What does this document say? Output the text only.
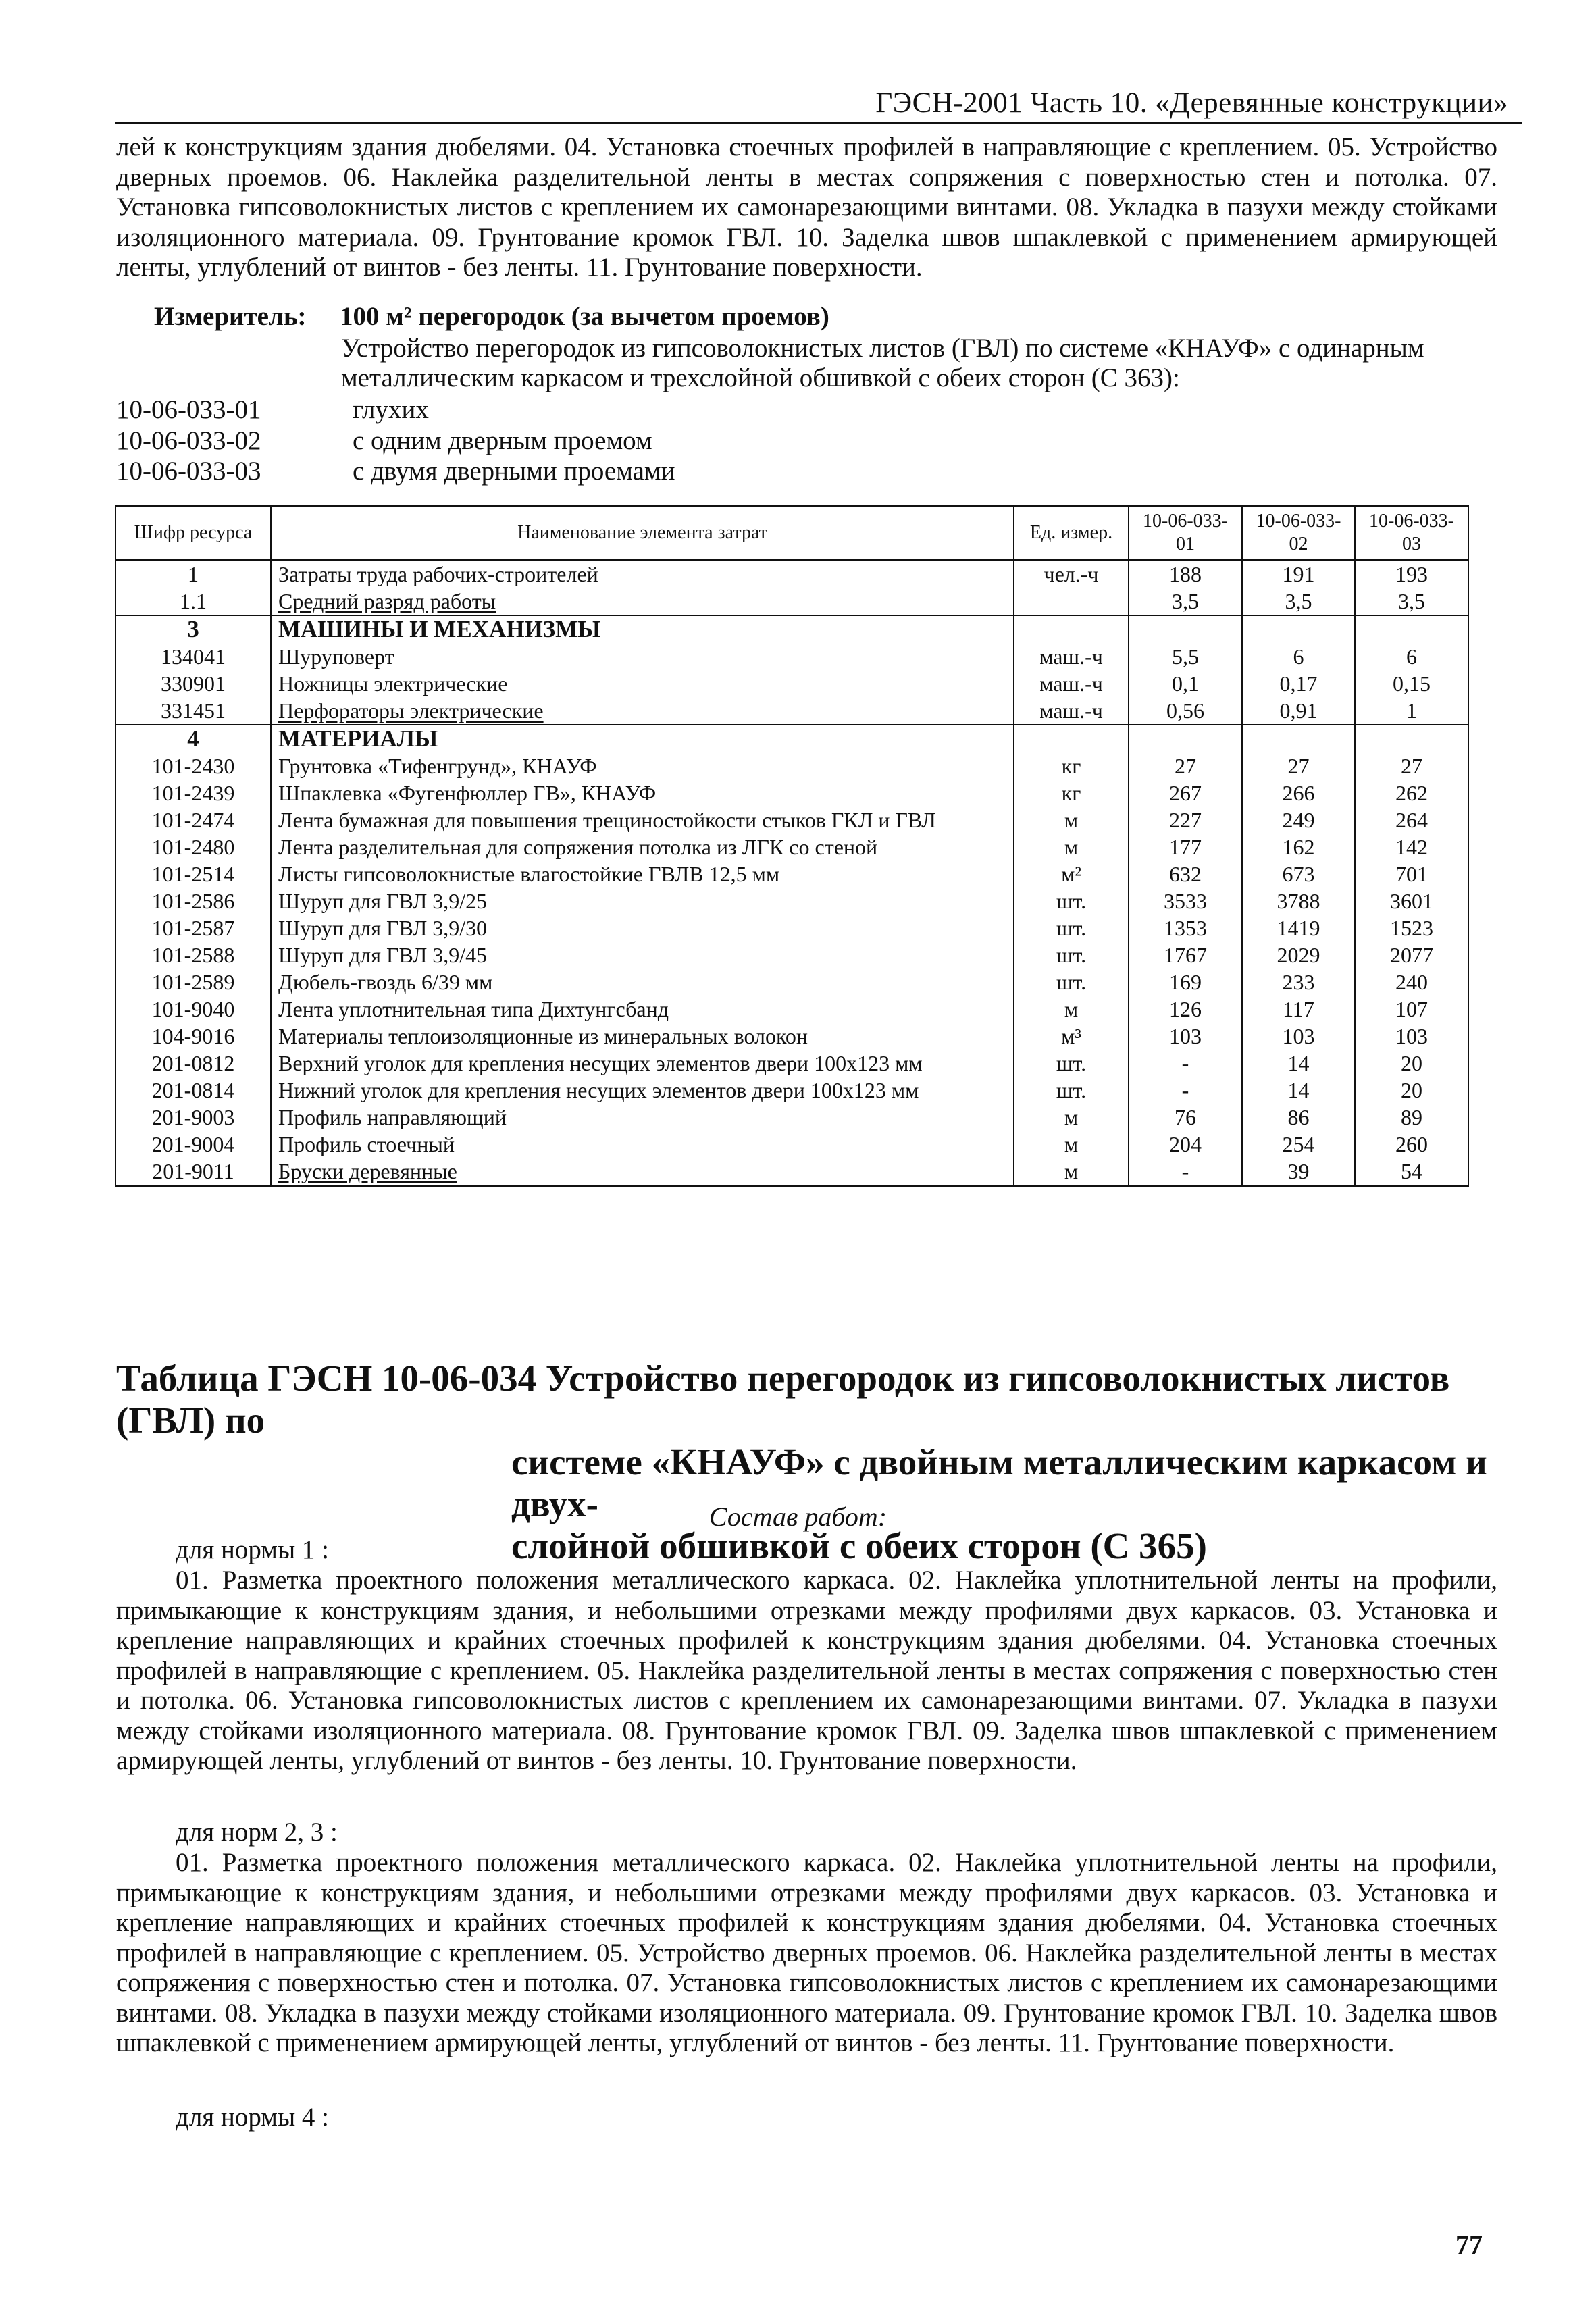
ГЭСН-2001 Часть 10. «Деревянные конструкции»
лей к конструкциям здания дюбелями. 04. Установка стоечных профилей в направляющие с креплением. 05. Устройство дверных проемов. 06. Наклейка разделительной ленты в местах сопряжения с поверхностью стен и потолка. 07. Установка гипсоволокнистых листов с креплением их самонарезающими винтами. 08. Укладка в пазухи между стойками изоляционного материала. 09. Грунтование кромок ГВЛ. 10. Заделка швов шпаклевкой с применением армирующей ленты, углублений от винтов - без ленты. 11. Грунтование поверхности.
Измеритель: 100 м² перегородок (за вычетом проемов)
Устройство перегородок из гипсоволокнистых листов (ГВЛ) по системе «КНАУФ» с одинарным металлическим каркасом и трехслойной обшивкой с обеих сторон (С 363):
10-06-033-01	глухих
10-06-033-02	с одним дверным проемом
10-06-033-03	с двумя дверными проемами
Шифр ресурса	Наименование элемента затрат	Ед. измер.	10-06-033-01	10-06-033-02	10-06-033-03
1	Затраты труда рабочих-строителей	чел.-ч	188	191	193
1.1	Средний разряд работы		3,5	3,5	3,5
3	МАШИНЫ И МЕХАНИЗМЫ				
134041	Шуруповерт	маш.-ч	5,5	6	6
330901	Ножницы электрические	маш.-ч	0,1	0,17	0,15
331451	Перфораторы электрические	маш.-ч	0,56	0,91	1
4	МАТЕРИАЛЫ				
101-2430	Грунтовка «Тифенгрунд», КНАУФ	кг	27	27	27
101-2439	Шпаклевка «Фугенфюллер ГВ», КНАУФ	кг	267	266	262
101-2474	Лента бумажная для повышения трещиностойкости стыков ГКЛ и ГВЛ	м	227	249	264
101-2480	Лента разделительная для сопряжения потолка из ЛГК со стеной	м	177	162	142
101-2514	Листы гипсоволокнистые влагостойкие ГВЛВ 12,5 мм	м²	632	673	701
101-2586	Шуруп для ГВЛ 3,9/25	шт.	3533	3788	3601
101-2587	Шуруп для ГВЛ 3,9/30	шт.	1353	1419	1523
101-2588	Шуруп для ГВЛ 3,9/45	шт.	1767	2029	2077
101-2589	Дюбель-гвоздь 6/39 мм	шт.	169	233	240
101-9040	Лента уплотнительная типа Дихтунгсбанд	м	126	117	107
104-9016	Материалы теплоизоляционные из минеральных волокон	м³	103	103	103
201-0812	Верхний уголок для крепления несущих элементов двери 100x123 мм	шт.	-	14	20
201-0814	Нижний уголок для крепления несущих элементов двери 100x123 мм	шт.	-	14	20
201-9003	Профиль направляющий	м	76	86	89
201-9004	Профиль стоечный	м	204	254	260
201-9011	Бруски деревянные	м	-	39	54
Таблица ГЭСН 10-06-034 Устройство перегородок из гипсоволокнистых листов (ГВЛ) по
системе «КНАУФ» с двойным металлическим каркасом и двух-
слойной обшивкой с обеих сторон (С 365)
Состав работ:
для нормы 1 :
01. Разметка проектного положения металлического каркаса. 02. Наклейка уплотнительной ленты на профили, примыкающие к конструкциям здания, и небольшими отрезками между профилями двух каркасов. 03. Установка и крепление направляющих и крайних стоечных профилей к конструкциям здания дюбелями. 04. Установка стоечных профилей в направляющие с креплением. 05. Наклейка разделительной ленты в местах сопряжения с поверхностью стен и потолка. 06. Установка гипсоволокнистых листов с креплением их самонарезающими винтами. 07. Укладка в пазухи между стойками изоляционного материала. 08. Грунтование кромок ГВЛ. 09. Заделка швов шпаклевкой с применением армирующей ленты, углублений от винтов - без ленты. 10. Грунтование поверхности.
для норм 2, 3 :
01. Разметка проектного положения металлического каркаса. 02. Наклейка уплотнительной ленты на профили, примыкающие к конструкциям здания, и небольшими отрезками между профилями двух каркасов. 03. Установка и крепление направляющих и крайних стоечных профилей к конструкциям здания дюбелями. 04. Установка стоечных профилей в направляющие с креплением. 05. Устройство дверных проемов. 06. Наклейка разделительной ленты в местах сопряжения с поверхностью стен и потолка. 07. Установка гипсоволокнистых листов с креплением их самонарезающими винтами. 08. Укладка в пазухи между стойками изоляционного материала. 09. Грунтование кромок ГВЛ. 10. Заделка швов шпаклевкой с применением армирующей ленты, углублений от винтов - без ленты. 11. Грунтование поверхности.
для нормы 4 :
77
